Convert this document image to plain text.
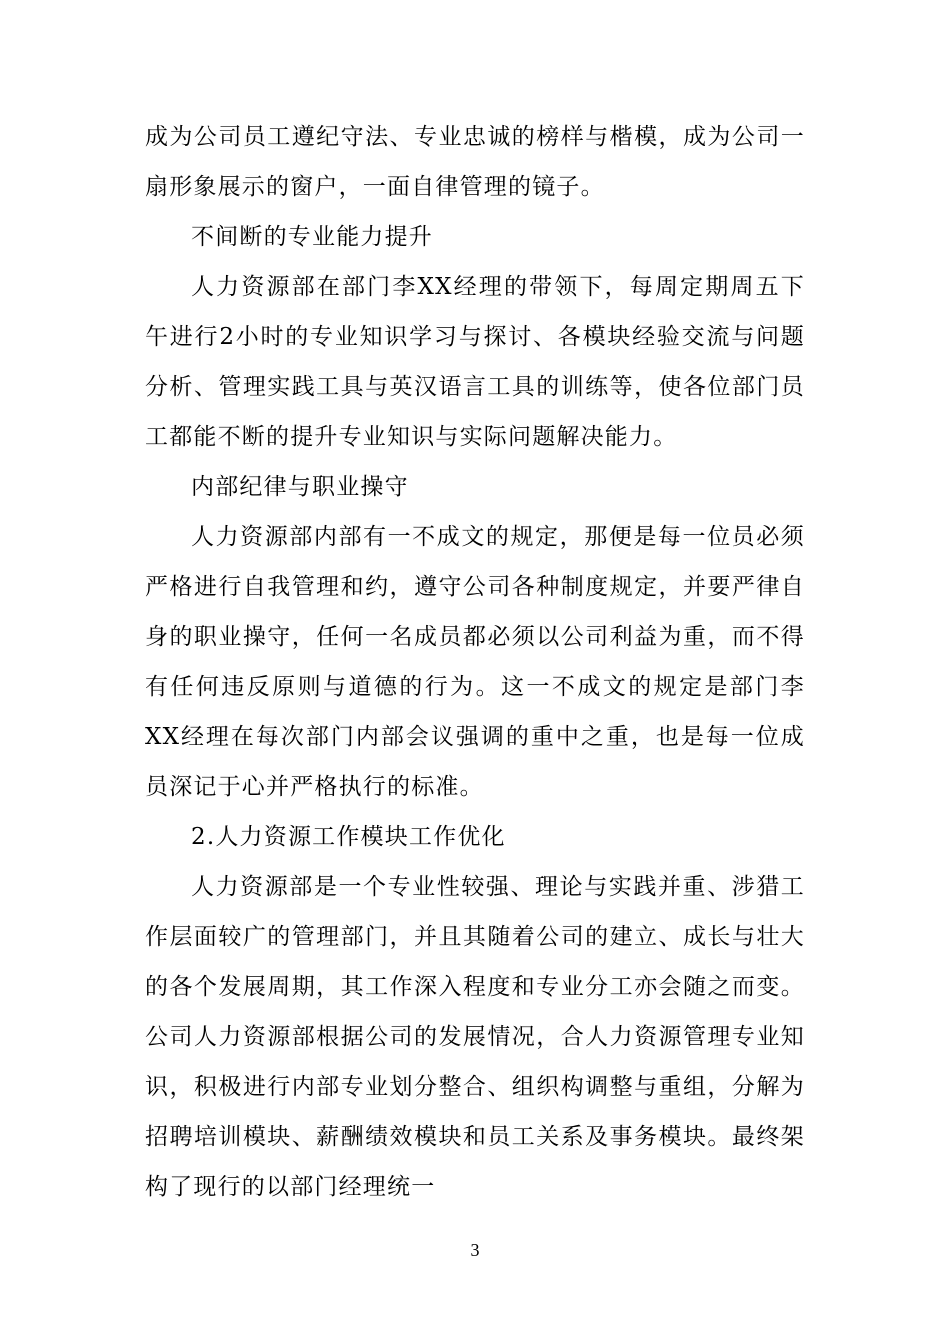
成为公司员工遵纪守法、专业忠诚的榜样与楷模，成为公司一扇形象展示的窗户，一面自律管理的镜子。

不间断的专业能力提升

人力资源部在部门李XX经理的带领下，每周定期周五下午进行2小时的专业知识学习与探讨、各模块经验交流与问题分析、管理实践工具与英汉语言工具的训练等，使各位部门员工都能不断的提升专业知识与实际问题解决能力。

内部纪律与职业操守

人力资源部内部有一不成文的规定，那便是每一位员必须严格进行自我管理和约，遵守公司各种制度规定，并要严律自身的职业操守，任何一名成员都必须以公司利益为重，而不得有任何违反原则与道德的行为。这一不成文的规定是部门李XX经理在每次部门内部会议强调的重中之重，也是每一位成员深记于心并严格执行的标准。

2.人力资源工作模块工作优化

人力资源部是一个专业性较强、理论与实践并重、涉猎工作层面较广的管理部门，并且其随着公司的建立、成长与壮大的各个发展周期，其工作深入程度和专业分工亦会随之而变。公司人力资源部根据公司的发展情况，合人力资源管理专业知识，积极进行内部专业划分整合、组织构调整与重组，分解为招聘培训模块、薪酬绩效模块和员工关系及事务模块。最终架构了现行的以部门经理统一

3
